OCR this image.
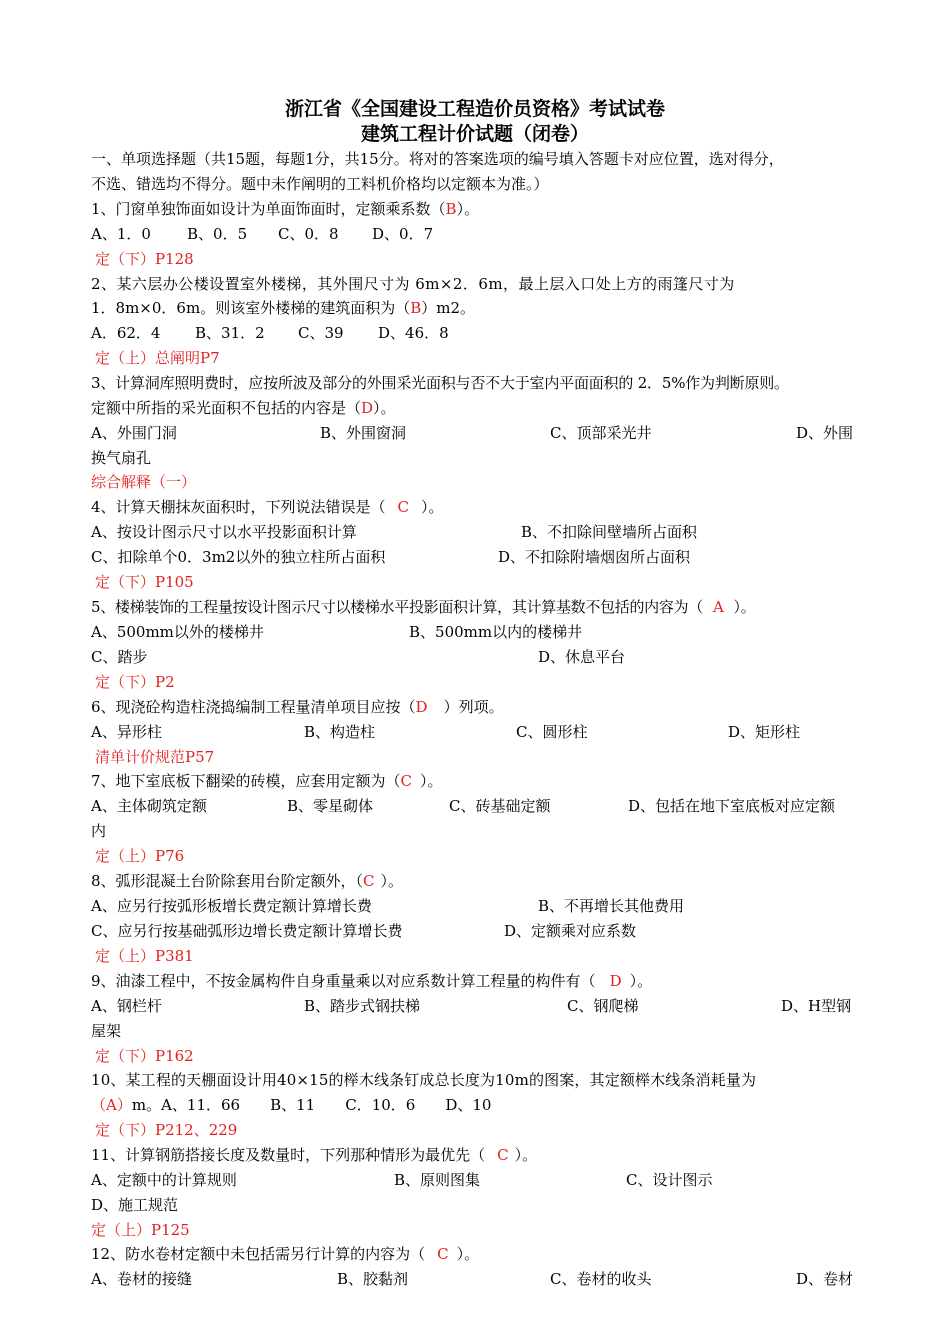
浙江省《全国建设工程造价员资格》考试试卷
建筑工程计价试题（闭卷）
一、单项选择题（共15题，每题1分，共15分。将对的答案选项的编号填入答题卡对应位置，选对得分，
不选、错选均不得分。题中未作阐明的工料机价格均以定额本为准。）
1、门窗单独饰面如设计为单面饰面时，定额乘系数（B）。
A、1．0 B、0．5 C、0．8 D、0．7
定（下）P128
2、某六层办公楼设置室外楼梯，其外围尺寸为 6m×2．6m，最上层入口处上方的雨篷尺寸为
1．8m×0．6m。则该室外楼梯的建筑面积为（B）m2。
A．62．4 B、31．2 C、39 D、46．8
定（上）总阐明P7
3、计算洞库照明费时，应按所波及部分的外围采光面积与否不大于室内平面面积的 2．5%作为判断原则。
定额中所指的采光面积不包括的内容是（D）。
A、外围门洞	B、外围窗洞	C、顶部采光井	D、外围
换气扇孔
综合解释（一）
4、计算天棚抹灰面积时，下列说法错误是（ C ）。
A、按设计图示尺寸以水平投影面积计算	B、不扣除间壁墙所占面积
C、扣除单个0．3m2以外的独立柱所占面积	D、不扣除附墙烟囱所占面积
定（下）P105
5、楼梯装饰的工程量按设计图示尺寸以楼梯水平投影面积计算，其计算基数不包括的内容为（ A ）。
A、500mm以外的楼梯井	B、500mm以内的楼梯井
C、踏步	D、休息平台
定（下）P2
6、现浇砼构造柱浇捣编制工程量清单项目应按（D ）列项。
A、异形柱	B、构造柱	C、圆形柱	D、矩形柱
清单计价规范P57
7、地下室底板下翻梁的砖模，应套用定额为（C ）。
A、主体砌筑定额	B、零星砌体	C、砖基础定额	D、包括在地下室底板对应定额
内
定（上）P76
8、弧形混凝土台阶除套用台阶定额外，（C ）。
A、应另行按弧形板增长费定额计算增长费	B、不再增长其他费用
C、应另行按基础弧形边增长费定额计算增长费	D、定额乘对应系数
定（上）P381
9、油漆工程中，不按金属构件自身重量乘以对应系数计算工程量的构件有（ D ）。
A、钢栏杆	B、踏步式钢扶梯	C、钢爬梯	D、H型钢
屋架
定（下）P162
10、某工程的天棚面设计用40×15的榉木线条钉成总长度为10m的图案，其定额榉木线条消耗量为
（A）m。A、11．66　　B、11　　C．10．6　　D、10
定（下）P212、229
11、计算钢筋搭接长度及数量时，下列那种情形为最优先（ C ）。
A、定额中的计算规则	B、原则图集	C、设计图示
D、施工规范
定（上）P125
12、防水卷材定额中未包括需另行计算的内容为（ C ）。
A、卷材的接缝	B、胶黏剂	C、卷材的收头	D、卷材
